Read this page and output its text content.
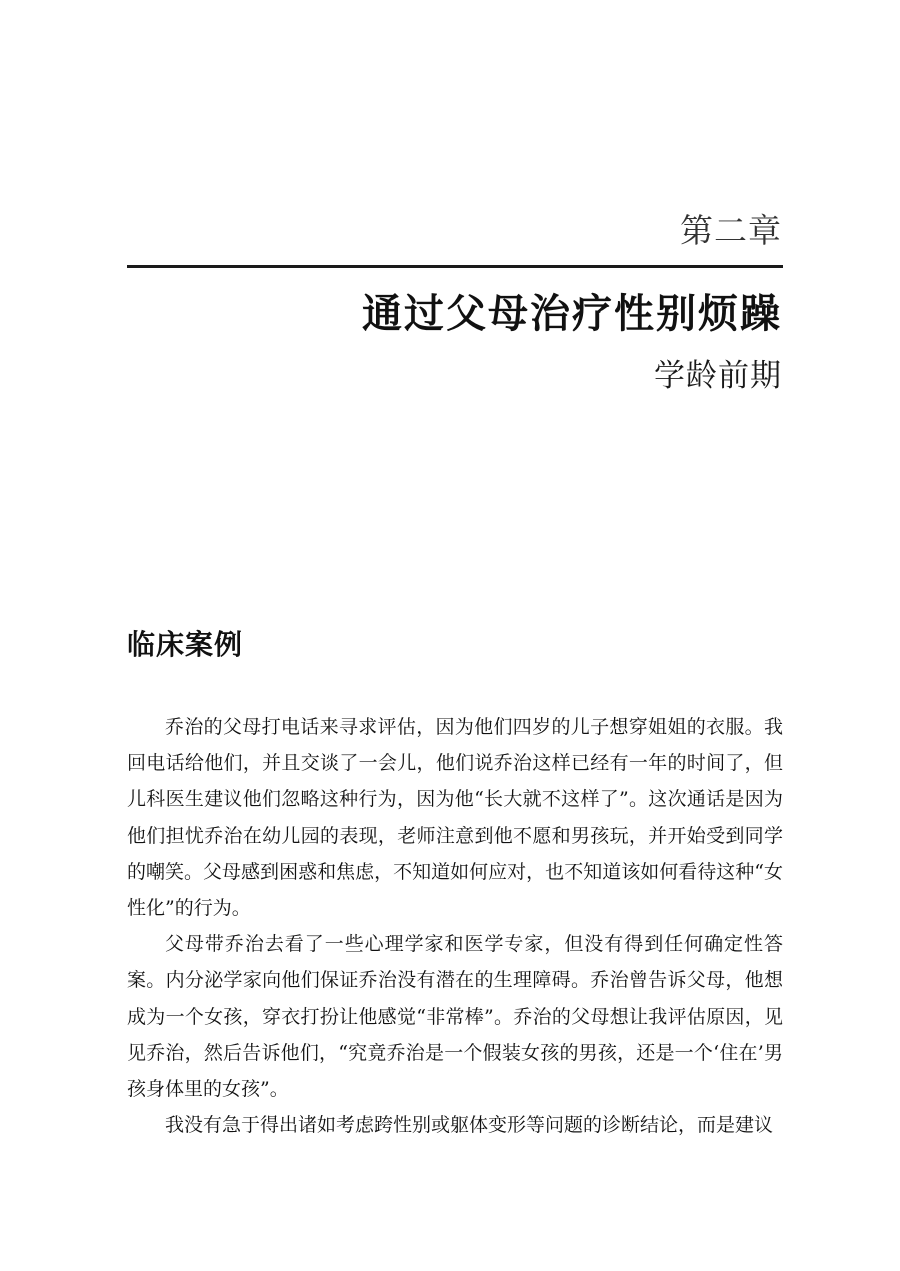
第二章
通过父母治疗性别烦躁
学龄前期
临床案例

乔治的父母打电话来寻求评估，因为他们四岁的儿子想穿姐姐的衣服。我回电话给他们，并且交谈了一会儿，他们说乔治这样已经有一年的时间了，但儿科医生建议他们忽略这种行为，因为他“长大就不这样了”。这次通话是因为他们担忧乔治在幼儿园的表现，老师注意到他不愿和男孩玩，并开始受到同学的嘲笑。父母感到困惑和焦虑，不知道如何应对，也不知道该如何看待这种“女性化”的行为。

父母带乔治去看了一些心理学家和医学专家，但没有得到任何确定性答案。内分泌学家向他们保证乔治没有潜在的生理障碍。乔治曾告诉父母，他想成为一个女孩，穿衣打扮让他感觉“非常棒”。乔治的父母想让我评估原因，见见乔治，然后告诉他们，“究竟乔治是一个假装女孩的男孩，还是一个‘住在’男孩身体里的女孩”。

我没有急于得出诸如考虑跨性别或躯体变形等问题的诊断结论，而是建议
